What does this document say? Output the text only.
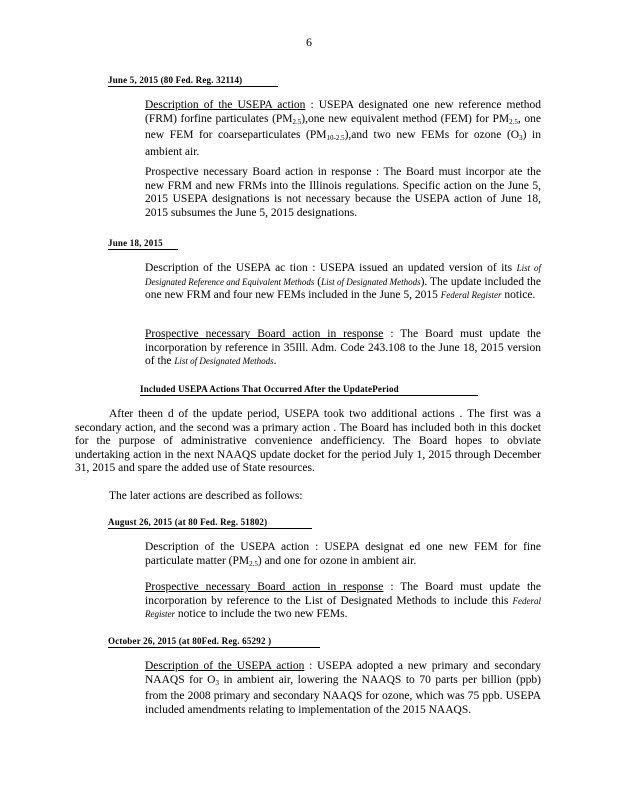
6
June 5, 2015 (80 Fed. Reg. 32114)
Description of the USEPA action : USEPA designated one new reference method (FRM) forfine particulates $(PM_{2.5}),one$ new equivalent method (FEM) for $PM_{2.5}$, one new FEM for coarseparticulates $(PM_{10-2.5}),and$ two new FEMs for ozone $(O_3)$ in ambient air.
Prospective necessary Board action in response : The Board must incorpor ate the new FRM and new FRMs into the Illinois regulations. Specific action on the June 5, 2015 USEPA designations is not necessary because the USEPA action of June 18, 2015 subsumes the June 5, 2015 designations.
June 18, 2015
Description of the USEPA ac tion : USEPA issued an updated version of its List of Designated Reference and Equivalent Methods (List of Designated Methods). The update included the one new FRM and four new FEMs included in the June 5, 2015 Federal Register notice.
Prospective necessary Board action in response : The Board must update the incorporation by reference in 35Ill. Adm. Code 243.108 to the June 18, 2015 version of the List of Designated Methods.
Included USEPA Actions That Occurred After the UpdatePeriod
After theen d of the update period, USEPA took two additional actions . The first was a secondary action, and the second was a primary action . The Board has included both in this docket for the purpose of administrative convenience andefficiency. The Board hopes to obviate undertaking action in the next NAAQS update docket for the period July 1, 2015 through December 31, 2015 and spare the added use of State resources.
The later actions are described as follows:
August 26, 2015 (at 80 Fed. Reg. 51802)
Description of the USEPA action : USEPA designat ed one new FEM for fine particulate matter $(PM_{2.5})$ and one for ozone in ambient air.
Prospective necessary Board action in response : The Board must update the incorporation by reference to the List of Designated Methods to include this Federal Register notice to include the two new FEMs.
October 26, 2015 (at 80Fed. Reg. 65292 )
Description of the USEPA action : USEPA adopted a new primary and secondary NAAQS for $O_3$ in ambient air, lowering the NAAQS to 70 parts per billion (ppb) from the 2008 primary and secondary NAAQS for ozone, which was 75 ppb. USEPA included amendments relating to implementation of the 2015 NAAQS.
